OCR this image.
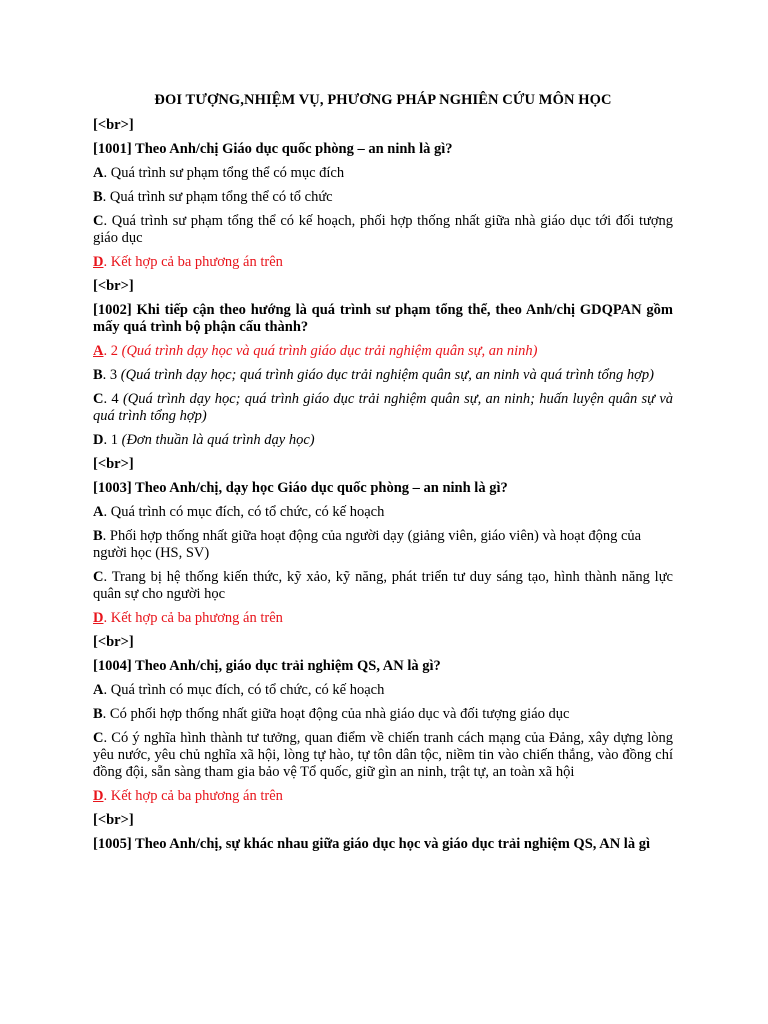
ĐOI TƯỢNG,NHIỆM VỤ, PHƯƠNG PHÁP NGHIÊN CỨU MÔN HỌC
[<br>]
[1001] Theo Anh/chị Giáo dục quốc phòng – an ninh là gì?
A. Quá trình sư phạm tổng thể có mục đích
B. Quá trình sư phạm tổng thể có tổ chức
C. Quá trình sư phạm tổng thể có kế hoạch, phối hợp thống nhất giữa nhà giáo dục tới đối tượng giáo dục
D. Kết hợp cả ba phương án trên
[<br>]
[1002] Khi tiếp cận theo hướng là quá trình sư phạm tổng thể, theo Anh/chị GDQPAN gồm mấy quá trình bộ phận cấu thành?
A. 2 (Quá trình dạy học và quá trình giáo dục trải nghiệm quân sự, an ninh)
B. 3 (Quá trình dạy học; quá trình giáo dục trải nghiệm quân sự, an ninh và quá trình tổng hợp)
C. 4 (Quá trình dạy học; quá trình giáo dục trải nghiệm quân sự, an ninh; huấn luyện quân sự và quá trình tổng hợp)
D. 1 (Đơn thuần là quá trình dạy học)
[<br>]
[1003] Theo Anh/chị, dạy học Giáo dục quốc phòng – an ninh là gì?
A. Quá trình có mục đích, có tổ chức, có kế hoạch
B. Phối hợp thống nhất giữa hoạt động của người dạy (giảng viên, giáo viên) và hoạt động của
người học (HS, SV)
C. Trang bị hệ thống kiến thức, kỹ xảo, kỹ năng, phát triển tư duy sáng tạo, hình thành năng lực quân sự cho người học
D. Kết hợp cả ba phương án trên
[<br>]
[1004] Theo Anh/chị, giáo dục trải nghiệm QS, AN là gì?
A. Quá trình có mục đích, có tổ chức, có kế hoạch
B. Có phối hợp thống nhất giữa hoạt động của nhà giáo dục và đối tượng giáo dục
C. Có ý nghĩa hình thành tư tưởng, quan điểm về chiến tranh cách mạng của Đảng, xây dựng lòng yêu nước, yêu chủ nghĩa xã hội, lòng tự hào, tự tôn dân tộc, niềm tin vào chiến thắng, vào đồng chí đồng đội, sẵn sàng tham gia bảo vệ Tổ quốc, giữ gìn an ninh, trật tự, an toàn xã hội
D. Kết hợp cả ba phương án trên
[<br>]
[1005] Theo Anh/chị, sự khác nhau giữa giáo dục học và giáo dục trải nghiệm QS, AN là gì
